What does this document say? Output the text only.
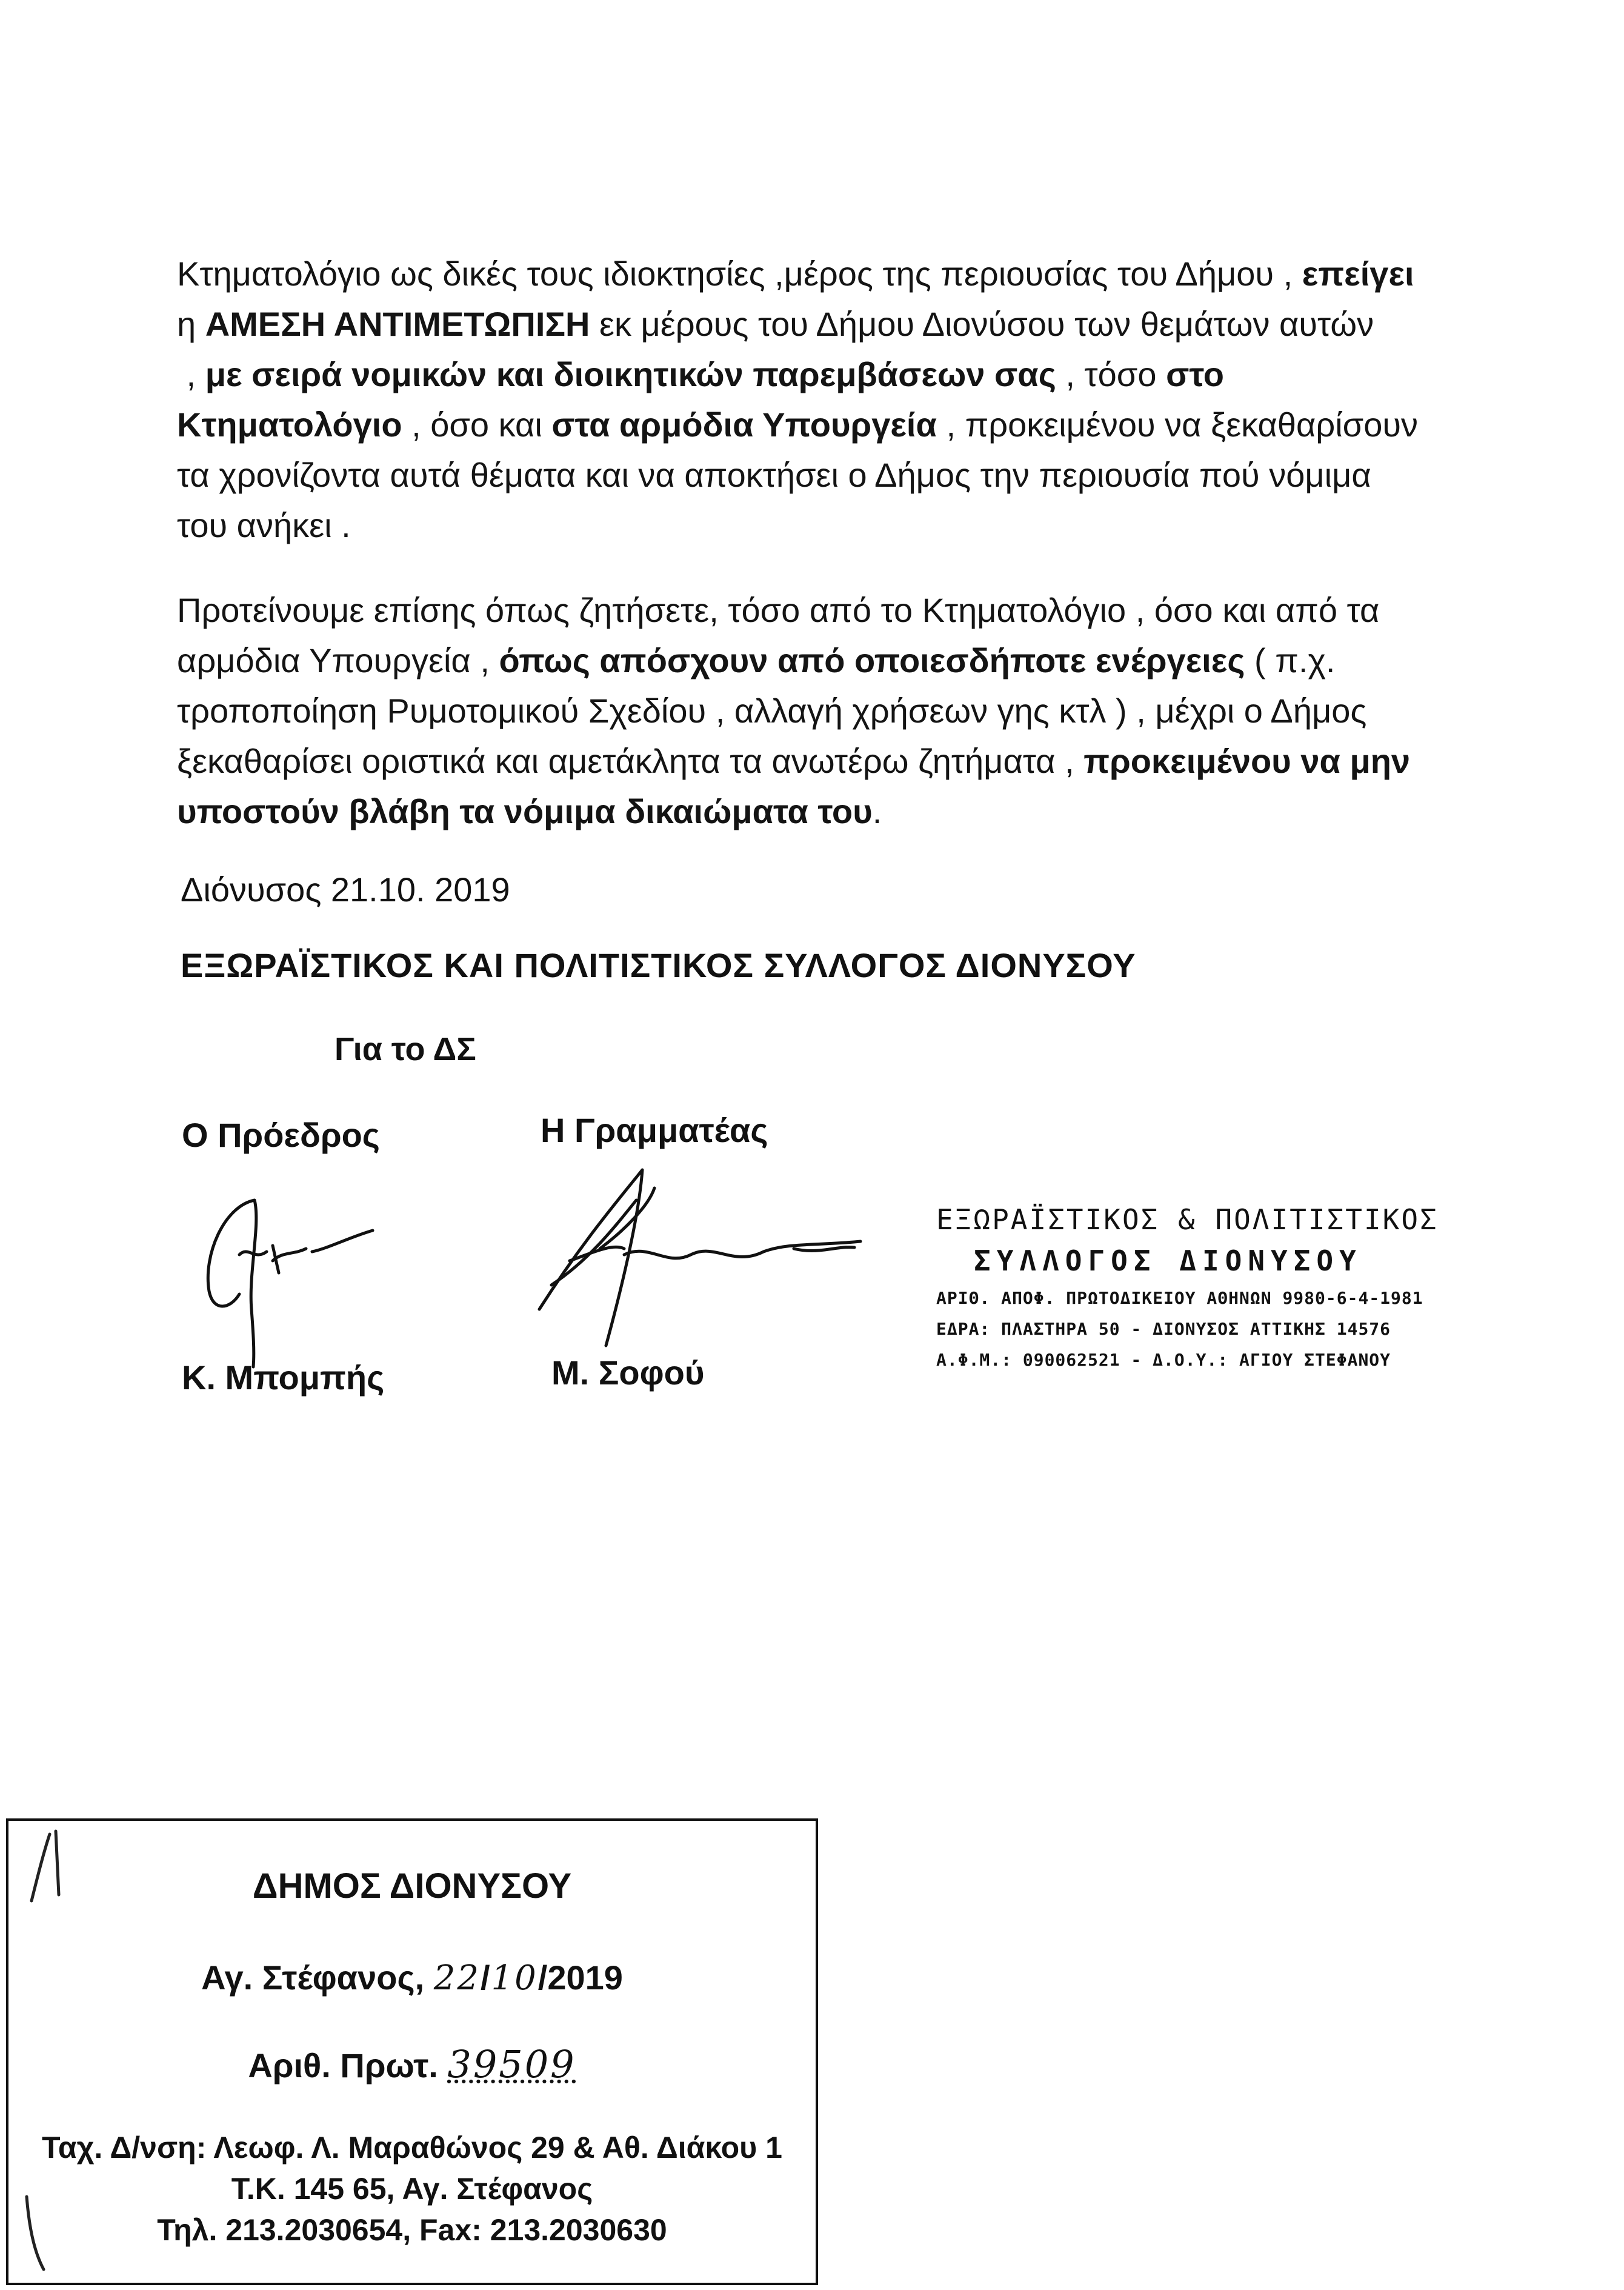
Κτηματολόγιο ως δικές τους ιδιοκτησίες ,μέρος της περιουσίας του Δήμου , επείγει
η ΑΜΕΣΗ ΑΝΤΙΜΕΤΩΠΙΣΗ εκ μέρους του Δήμου Διονύσου των θεμάτων αυτών
, με σειρά νομικών και διοικητικών παρεμβάσεων σας , τόσο στο
Κτηματολόγιο , όσο και στα αρμόδια Υπουργεία , προκειμένου να ξεκαθαρίσουν
τα χρονίζοντα αυτά θέματα και να αποκτήσει ο Δήμος την περιουσία πού νόμιμα
του ανήκει .
Προτείνουμε επίσης όπως ζητήσετε, τόσο από το Κτηματολόγιο , όσο και από τα
αρμόδια Υπουργεία , όπως απόσχουν από οποιεσδήποτε ενέργειες ( π.χ.
τροποποίηση Ρυμοτομικού Σχεδίου , αλλαγή χρήσεων γης κτλ ) , μέχρι ο Δήμος
ξεκαθαρίσει οριστικά και αμετάκλητα τα ανωτέρω ζητήματα , προκειμένου να μην
υποστούν βλάβη τα νόμιμα δικαιώματα του.
Διόνυσος 21.10. 2019
ΕΞΩΡΑΪΣΤΙΚΟΣ ΚΑΙ ΠΟΛΙΤΙΣΤΙΚΟΣ ΣΥΛΛΟΓΟΣ ΔΙΟΝΥΣΟΥ
Για το ΔΣ
Ο Πρόεδρος	Η Γραμματέας
Κ. Μπομπής	Μ. Σοφού
ΕΞΩΡΑΪΣΤΙΚΟΣ & ΠΟΛΙΤΙΣΤΙΚΟΣ
ΣΥΛΛΟΓΟΣ ΔΙΟΝΥΣΟΥ
ΑΡΙΘ. ΑΠΟΦ. ΠΡΩΤΟΔΙΚΕΙΟΥ ΑΘΗΝΩΝ 9980-6-4-1981
ΕΔΡΑ: ΠΛΑΣΤΗΡΑ 50 - ΔΙΟΝΥΣΟΣ ΑΤΤΙΚΗΣ 14576
Α.Φ.Μ.: 090062521 - Δ.Ο.Υ.: ΑΓΙΟΥ ΣΤΕΦΑΝΟΥ
ΔΗΜΟΣ ΔΙΟΝΥΣΟΥ
Αγ. Στέφανος, 22/10/2019
Αριθ. Πρωτ. 39509
Ταχ. Δ/νση: Λεωφ. Λ. Μαραθώνος 29 & Αθ. Διάκου 1
Τ.Κ. 145 65, Αγ. Στέφανος
Τηλ. 213.2030654, Fax: 213.2030630
